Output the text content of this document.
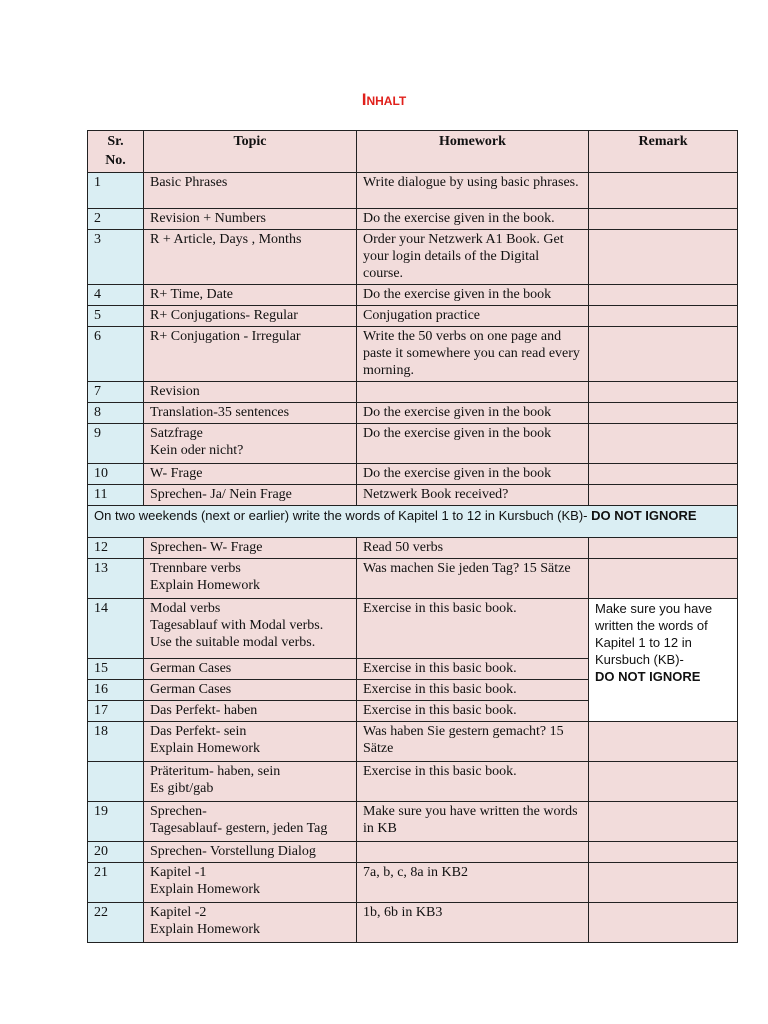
Inhalt
Sr.
No.	Topic	Homework	Remark
1	Basic Phrases	Write dialogue by using basic phrases.	
2	Revision + Numbers	Do the exercise given in the book.	
3	R + Article, Days , Months	Order your Netzwerk A1 Book. Get your login details of the Digital course.	
4	R+ Time, Date	Do the exercise given in the book	
5	R+ Conjugations- Regular	Conjugation practice	
6	R+ Conjugation - Irregular	Write the 50 verbs on one page and paste it somewhere you can read every morning.	
7	Revision		

8	Translation-35 sentences	Do the exercise given in the book	
9	Satzfrage
Kein oder nicht?	Do the exercise given in the book	
10	W- Frage	Do the exercise given in the book	
11	Sprechen- Ja/ Nein Frage	Netzwerk Book received?	
On two weekends (next or earlier) write the words of Kapitel 1 to 12 in Kursbuch (KB)- DO NOT IGNORE			
12	Sprechen- W- Frage	Read 50 verbs	
13	Trennbare verbs
Explain Homework	Was machen Sie jeden Tag? 15 Sätze	
14	Modal verbs
Tagesablauf with Modal verbs.
Use the suitable modal verbs.	Exercise in this basic book.	Make sure you have written the words of Kapitel 1 to 12 in Kursbuch (KB)-
DO NOT IGNORE

15	German Cases	Exercise in this basic book.	
16	German Cases	Exercise in this basic book.	
17	Das Perfekt- haben	Exercise in this basic book.	
18	Das Perfekt- sein
Explain Homework	Was haben Sie gestern gemacht? 15 Sätze	

	Präteritum- haben, sein
Es gibt/gab	Exercise in this basic book.	
19	Sprechen-
Tagesablauf- gestern, jeden Tag	Make sure you have written the words in KB	
20	Sprechen- Vorstellung Dialog		

21	Kapitel -1
Explain Homework	7a, b, c, 8a in KB2	
22	Kapitel -2
Explain Homework	1b, 6b in KB3	
